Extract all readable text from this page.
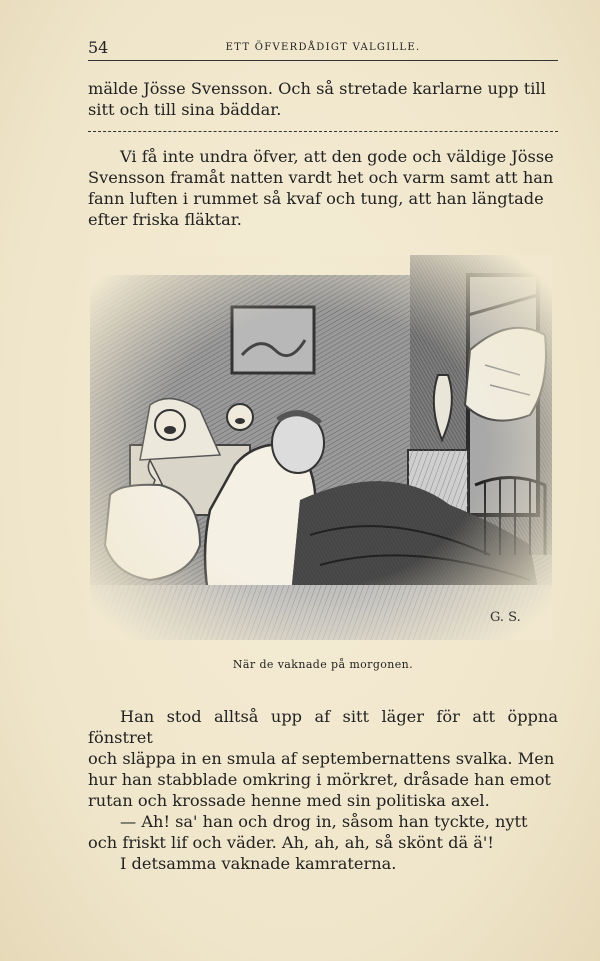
54	ETT ÖFVERDÅDIGT VALGILLE.

mälde Jösse Svensson. Och så stretade karlarne upp till

sitt och till sina bäddar.

Vi få inte undra öfver, att den gode och väldige Jösse

Svensson framåt natten vardt het och varm samt att han

fann luften i rummet så kvaf och tung, att han längtade

efter friska fläktar.

G. S.
När de vaknade på morgonen.

Han stod alltså upp af sitt läger för att öppna fönstret

och släppa in en smula af septembernattens svalka. Men

hur han stabblade omkring i mörkret, dråsade han emot

rutan och krossade henne med sin politiska axel.

— Ah! sa' han och drog in, såsom han tyckte, nytt

och friskt lif och väder. Ah, ah, ah, så skönt dä ä'!

I detsamma vaknade kamraterna.
